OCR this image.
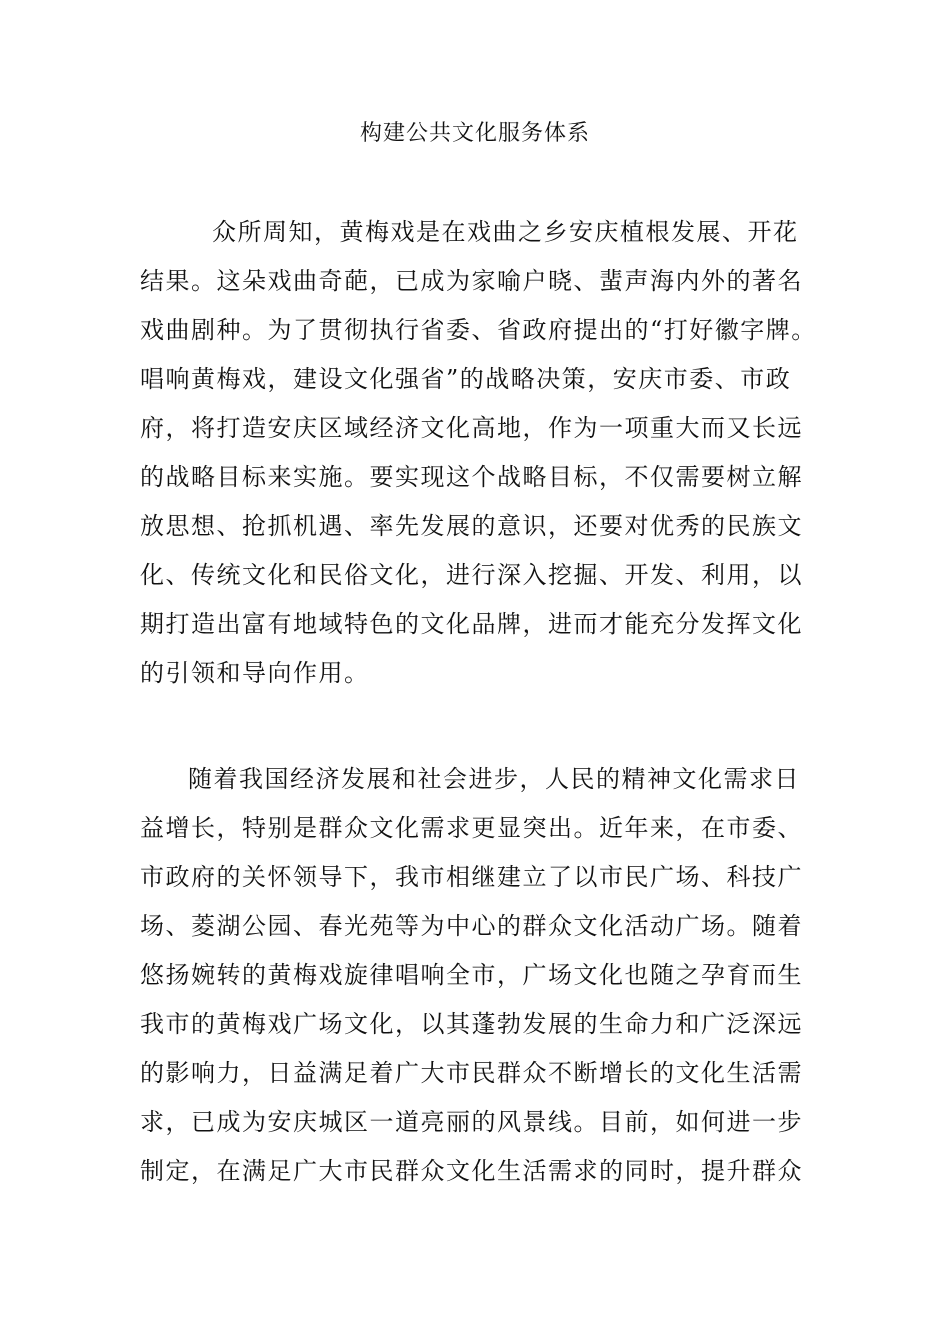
构建公共文化服务体系
众所周知，黄梅戏是在戏曲之乡安庆植根发展、开花
结果。这朵戏曲奇葩，已成为家喻户晓、蜚声海内外的著名
戏曲剧种。为了贯彻执行省委、省政府提出的“打好徽字牌。
唱响黄梅戏，建设文化强省”的战略决策，安庆市委、市政
府，将打造安庆区域经济文化高地，作为一项重大而又长远
的战略目标来实施。要实现这个战略目标，不仅需要树立解
放思想、抢抓机遇、率先发展的意识，还要对优秀的民族文
化、传统文化和民俗文化，进行深入挖掘、开发、利用，以
期打造出富有地域特色的文化品牌，进而才能充分发挥文化
的引领和导向作用。
随着我国经济发展和社会进步，人民的精神文化需求日
益增长，特别是群众文化需求更显突出。近年来，在市委、
市政府的关怀领导下，我市相继建立了以市民广场、科技广
场、菱湖公园、春光苑等为中心的群众文化活动广场。随着
悠扬婉转的黄梅戏旋律唱响全市，广场文化也随之孕育而生
我市的黄梅戏广场文化，以其蓬勃发展的生命力和广泛深远
的影响力，日益满足着广大市民群众不断增长的文化生活需
求，已成为安庆城区一道亮丽的风景线。目前，如何进一步
制定，在满足广大市民群众文化生活需求的同时，提升群众
